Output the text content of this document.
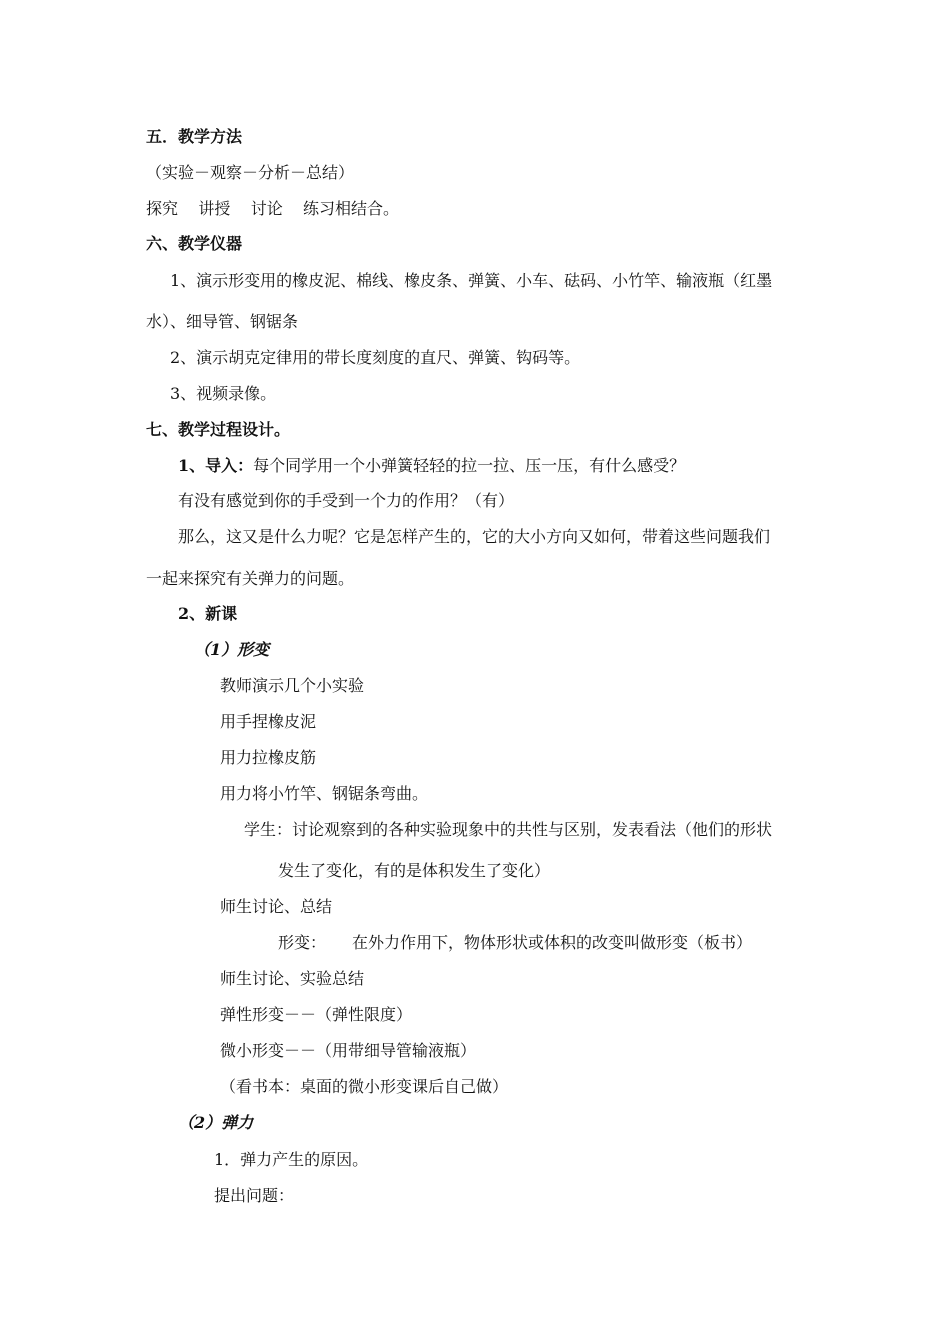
五．教学方法
（实验－观察－分析－总结）
探究    讲授    讨论    练习相结合。
六、教学仪器
1、演示形变用的橡皮泥、棉线、橡皮条、弹簧、小车、砝码、小竹竿、输液瓶（红墨
水）、细导管、钢锯条
2、演示胡克定律用的带长度刻度的直尺、弹簧、钩码等。
3、视频录像。
七、教学过程设计。
1、导入：每个同学用一个小弹簧轻轻的拉一拉、压一压，有什么感受？
有没有感觉到你的手受到一个力的作用？（有）
那么，这又是什么力呢？它是怎样产生的，它的大小方向又如何，带着这些问题我们
一起来探究有关弹力的问题。
2、新课
（1）形变
教师演示几个小实验
用手捏橡皮泥
用力拉橡皮筋
用力将小竹竿、钢锯条弯曲。
学生：讨论观察到的各种实验现象中的共性与区别，发表看法（他们的形状
发生了变化，有的是体积发生了变化）
师生讨论、总结
形变： 在外力作用下，物体形状或体积的改变叫做形变（板书）
师生讨论、实验总结
弹性形变－－（弹性限度）
微小形变－－（用带细导管输液瓶）
（看书本：桌面的微小形变课后自己做）
（2）弹力
1．弹力产生的原因。
提出问题：
